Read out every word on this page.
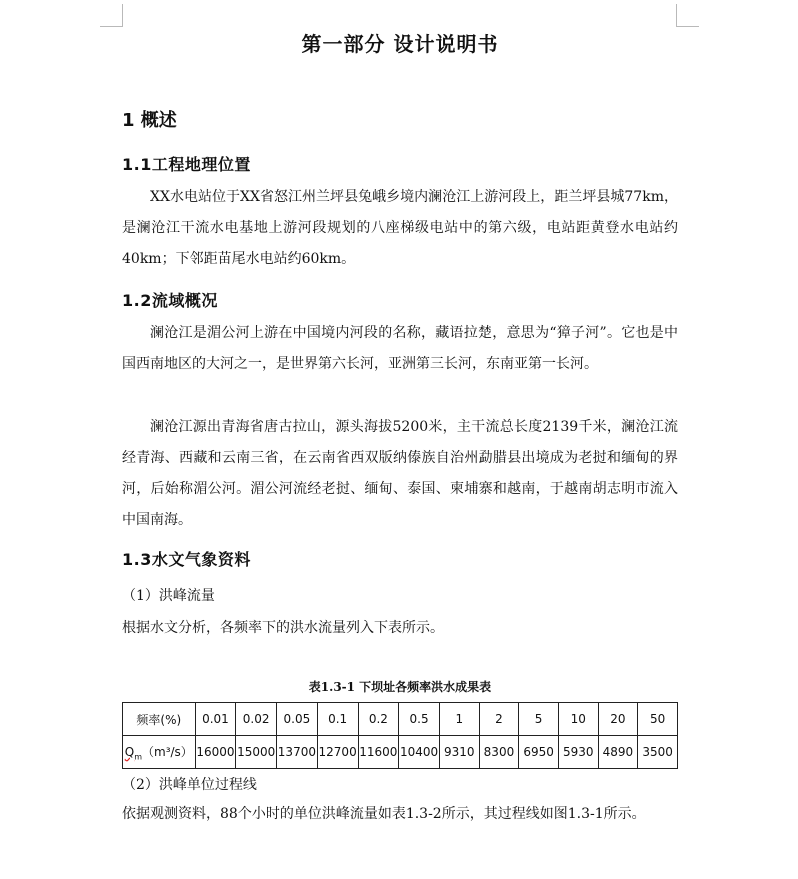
第一部分 设计说明书
1 概述
1.1工程地理位置
XX水电站位于XX省怒江州兰坪县兔峨乡境内澜沧江上游河段上，距兰坪县城77km，是澜沧江干流水电基地上游河段规划的八座梯级电站中的第六级，电站距黄登水电站约40km；下邻距苗尾水电站约60km。
1.2流域概况
澜沧江是湄公河上游在中国境内河段的名称，藏语拉楚，意思为“獐子河”。它也是中国西南地区的大河之一，是世界第六长河，亚洲第三长河，东南亚第一长河。
澜沧江源出青海省唐古拉山，源头海拔5200米，主干流总长度2139千米，澜沧江流经青海、西藏和云南三省，在云南省西双版纳傣族自治州勐腊县出境成为老挝和缅甸的界河，后始称湄公河。湄公河流经老挝、缅甸、泰国、柬埔寨和越南，于越南胡志明市流入中国南海。
1.3水文气象资料
（1）洪峰流量
根据水文分析，各频率下的洪水流量列入下表所示。
表1.3-1 下坝址各频率洪水成果表
频率(%)	0.01	0.02	0.05	0.1	0.2	0.5	1	2	5	10	20	50
$Q_m(m^3/s)$	16000	15000	13700	12700	11600	10400	9310	8300	6950	5930	4890	3500
（2）洪峰单位过程线
依据观测资料，88个小时的单位洪峰流量如表1.3-2所示，其过程线如图1.3-1所示。
